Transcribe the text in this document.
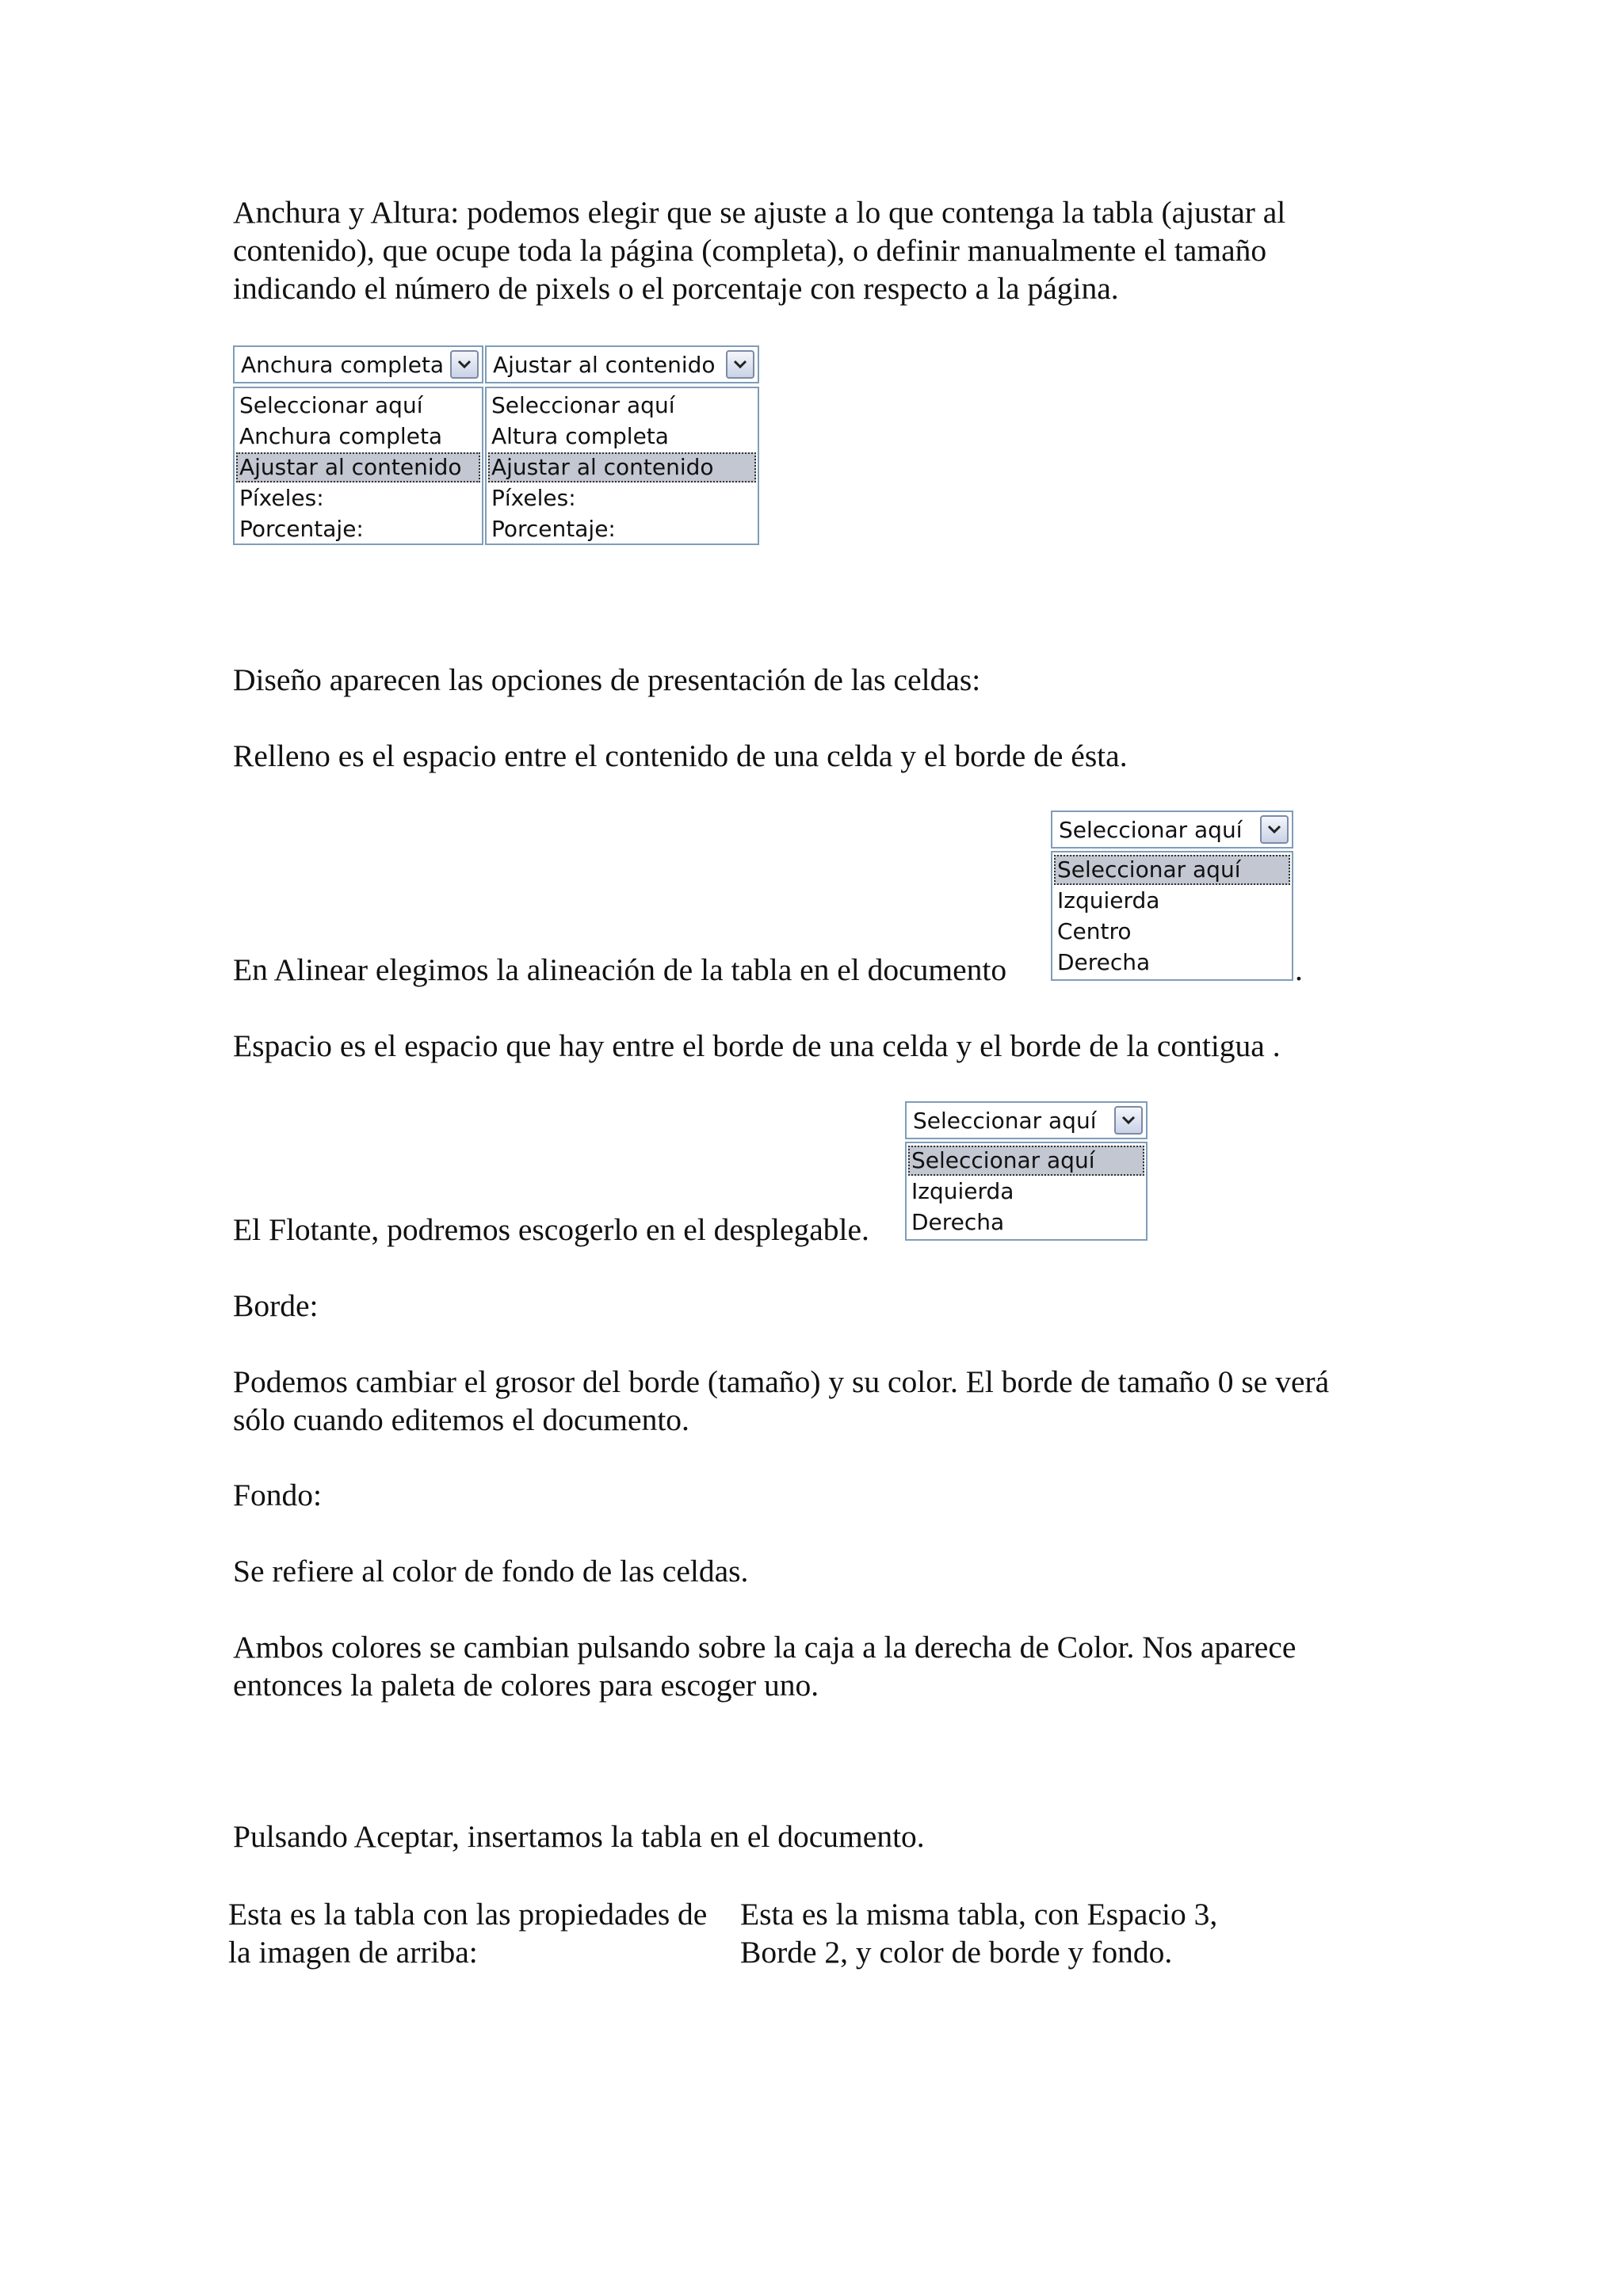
Anchura y Altura: podemos elegir que se ajuste a lo que contenga la tabla (ajustar al

contenido), que ocupe toda la página (completa), o definir manualmente el tamaño

indicando el número de pixels o el porcentaje con respecto a la página.

Anchura completa
Seleccionar aquí
Anchura completa
Ajustar al contenido
Píxeles:
Porcentaje:
Ajustar al contenido
Seleccionar aquí
Altura completa
Ajustar al contenido
Píxeles:
Porcentaje:

Diseño aparecen las opciones de presentación de las celdas:

Relleno es el espacio entre el contenido de una celda y el borde de ésta.

En Alinear elegimos la alineación de la tabla en el documento

Seleccionar aquí
Seleccionar aquí
Izquierda
Centro
Derecha	.

Espacio es el espacio que hay entre el borde de una celda y el borde de la contigua .

El Flotante, podremos escogerlo en el desplegable.

Seleccionar aquí
Seleccionar aquí
Izquierda
Derecha

Borde:

Podemos cambiar el grosor del borde (tamaño) y su color. El borde de tamaño 0 se verá

sólo cuando editemos el documento.

Fondo:

Se refiere al color de fondo de las celdas.

Ambos colores se cambian pulsando sobre la caja a la derecha de Color. Nos aparece

entonces la paleta de colores para escoger uno.

Pulsando Aceptar, insertamos la tabla en el documento.

Esta es la tabla con las propiedades de
la imagen de arriba:
Esta es la misma tabla, con Espacio 3,
Borde 2, y color de borde y fondo.
